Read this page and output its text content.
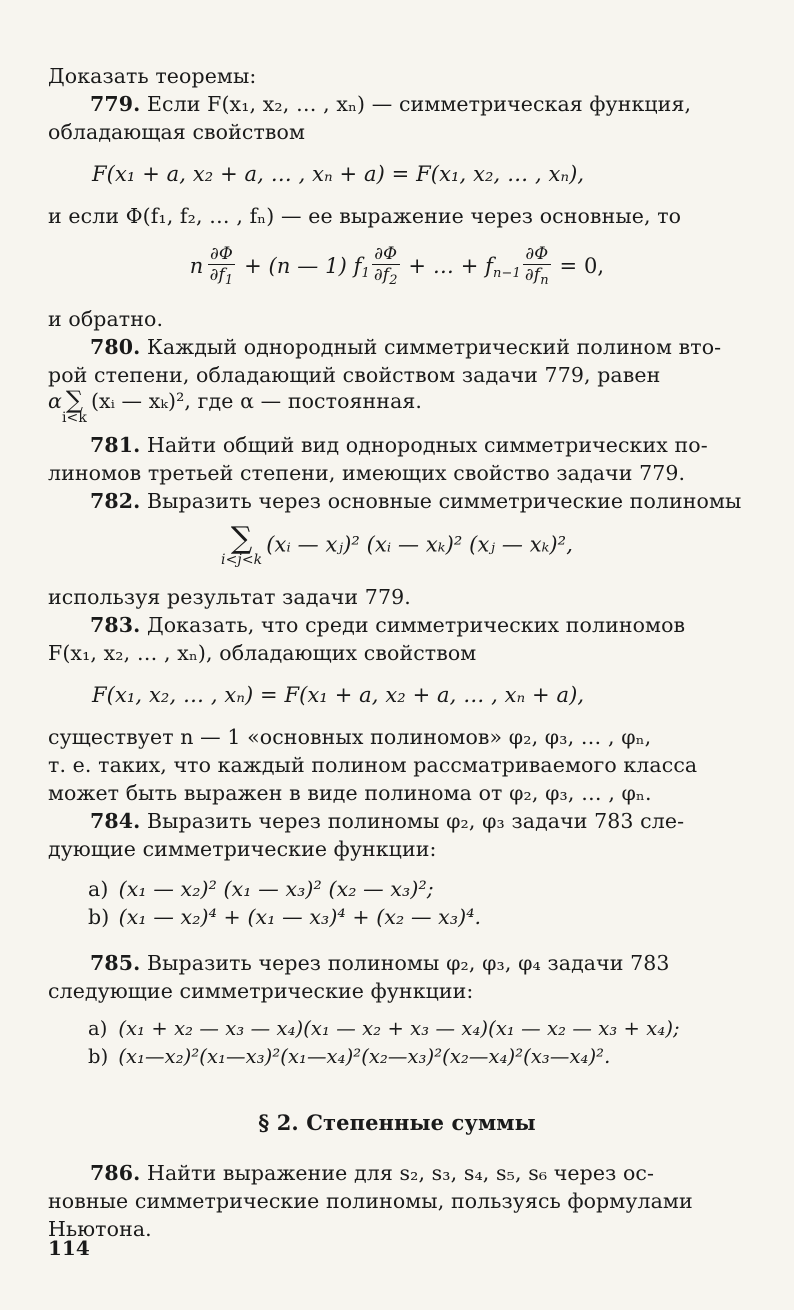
Доказать теоремы:
779. Если F(x₁, x₂, … , xₙ) — симметрическая функция,
обладающая свойством
F(x₁ + a, x₂ + a, … , xₙ + a) = F(x₁, x₂, … , xₙ),
и если Φ(f₁, f₂, … , fₙ) — ее выражение через основные, то
n  $\frac{\partial\Phi}{\partial f_1} + (n$ — 1) $f_1 \frac{\partial\Phi}{\partial f_2}$ + … + $f_{n-1} \frac{\partial\Phi}{\partial f_n} = 0$,
и обратно.
780. Каждый однородный симметрический полином вто-
рой степени, обладающий свойством задачи 779, равен
α ∑
i<k
(xᵢ — xₖ)², где α — постоянная.
781. Найти общий вид однородных симметрических по-
линомов третьей степени, имеющих свойство задачи 779.
782. Выразить через основные симметрические полиномы
∑
i<j<k
(xᵢ — xⱼ)² (xᵢ — xₖ)² (xⱼ — xₖ)²,
используя результат задачи 779.
783. Доказать, что среди симметрических полиномов
F(x₁, x₂, … , xₙ), обладающих свойством
F(x₁, x₂, … , xₙ) = F(x₁ + a, x₂ + a, … , xₙ + a),
существует n — 1 «основных полиномов» φ₂, φ₃, … , φₙ,
т. е. таких, что каждый полином рассматриваемого класса
может быть выражен в виде полинома от φ₂, φ₃, … , φₙ.
784. Выразить через полиномы φ₂, φ₃ задачи 783 сле-
дующие симметрические функции:
a) (x₁ — x₂)² (x₁ — x₃)² (x₂ — x₃)²;
b) (x₁ — x₂)⁴ + (x₁ — x₃)⁴ + (x₂ — x₃)⁴.
785. Выразить через полиномы φ₂, φ₃, φ₄ задачи 783
следующие симметрические функции:
a) (x₁ + x₂ — x₃ — x₄)(x₁ — x₂ + x₃ — x₄)(x₁ — x₂ — x₃ + x₄);
b) (x₁—x₂)²(x₁—x₃)²(x₁—x₄)²(x₂—x₃)²(x₂—x₄)²(x₃—x₄)².
§ 2. Степенные суммы
786. Найти выражение для s₂, s₃, s₄, s₅, s₆ через ос-
новные симметрические полиномы, пользуясь формулами
Ньютона.
114
